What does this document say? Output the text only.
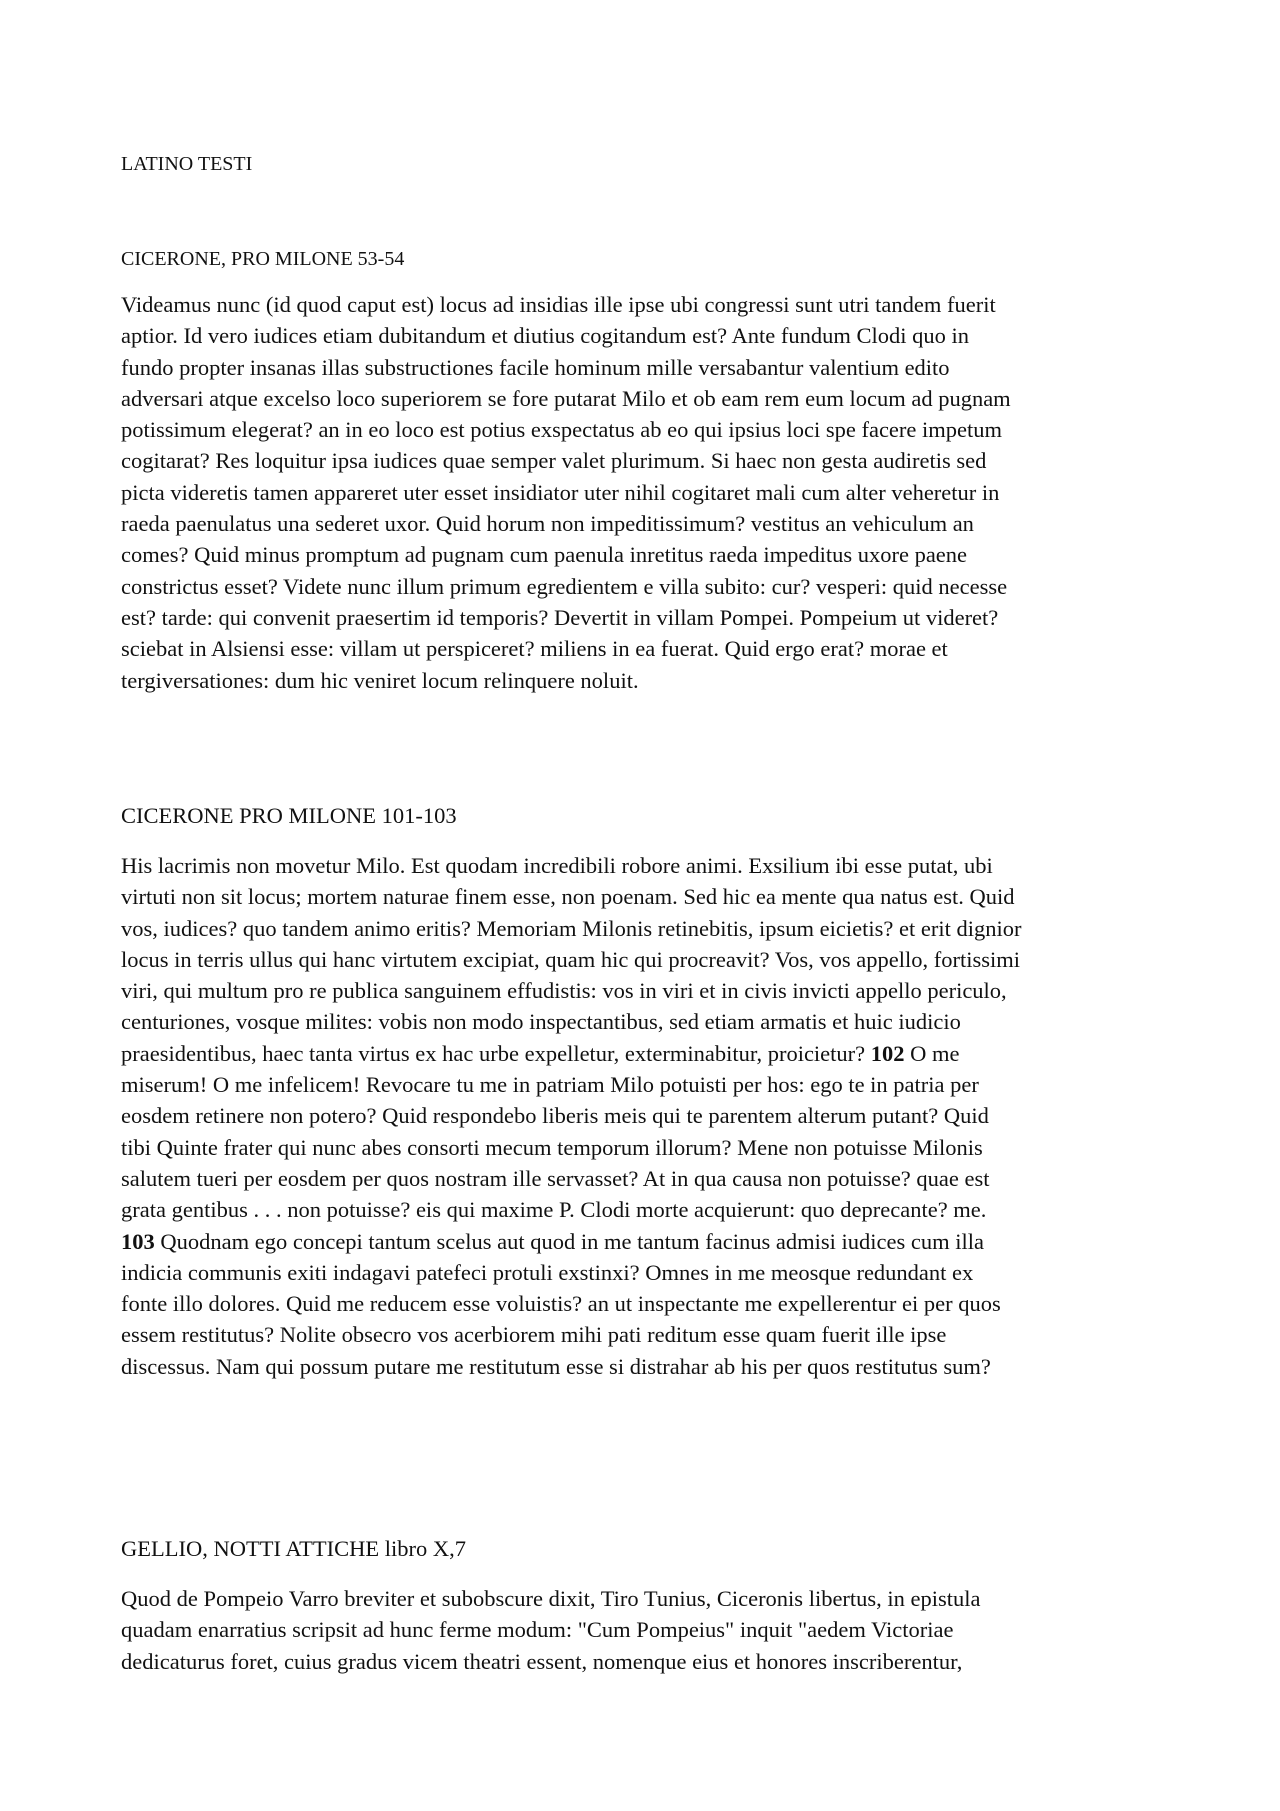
LATINO TESTI
CICERONE, PRO MILONE 53-54
Videamus nunc (id quod caput est) locus ad insidias ille ipse ubi congressi sunt utri tandem fuerit
aptior. Id vero iudices etiam dubitandum et diutius cogitandum est? Ante fundum Clodi quo in
fundo propter insanas illas substructiones facile hominum mille versabantur valentium edito
adversari atque excelso loco superiorem se fore putarat Milo et ob eam rem eum locum ad pugnam
potissimum elegerat? an in eo loco est potius exspectatus ab eo qui ipsius loci spe facere impetum
cogitarat? Res loquitur ipsa iudices quae semper valet plurimum. Si haec non gesta audiretis sed
picta videretis tamen appareret uter esset insidiator uter nihil cogitaret mali cum alter veheretur in
raeda paenulatus una sederet uxor. Quid horum non impeditissimum? vestitus an vehiculum an
comes? Quid minus promptum ad pugnam cum paenula inretitus raeda impeditus uxore paene
constrictus esset? Videte nunc illum primum egredientem e villa subito: cur? vesperi: quid necesse
est? tarde: qui convenit praesertim id temporis? Devertit in villam Pompei. Pompeium ut videret?
sciebat in Alsiensi esse: villam ut perspiceret? miliens in ea fuerat. Quid ergo erat? morae et
tergiversationes: dum hic veniret locum relinquere noluit.
CICERONE PRO MILONE 101-103
His lacrimis non movetur Milo. Est quodam incredibili robore animi. Exsilium ibi esse putat, ubi
virtuti non sit locus; mortem naturae finem esse, non poenam. Sed hic ea mente qua natus est. Quid
vos, iudices? quo tandem animo eritis? Memoriam Milonis retinebitis, ipsum eicietis? et erit dignior
locus in terris ullus qui hanc virtutem excipiat, quam hic qui procreavit? Vos, vos appello, fortissimi
viri, qui multum pro re publica sanguinem effudistis: vos in viri et in civis invicti appello periculo,
centuriones, vosque milites: vobis non modo inspectantibus, sed etiam armatis et huic iudicio
praesidentibus, haec tanta virtus ex hac urbe expelletur, exterminabitur, proicietur? 102 O me
miserum! O me infelicem! Revocare tu me in patriam Milo potuisti per hos: ego te in patria per
eosdem retinere non potero? Quid respondebo liberis meis qui te parentem alterum putant? Quid
tibi Quinte frater qui nunc abes consorti mecum temporum illorum? Mene non potuisse Milonis
salutem tueri per eosdem per quos nostram ille servasset? At in qua causa non potuisse? quae est
grata gentibus . . . non potuisse? eis qui maxime P. Clodi morte acquierunt: quo deprecante? me.
103 Quodnam ego concepi tantum scelus aut quod in me tantum facinus admisi iudices cum illa
indicia communis exiti indagavi patefeci protuli exstinxi? Omnes in me meosque redundant ex
fonte illo dolores. Quid me reducem esse voluistis? an ut inspectante me expellerentur ei per quos
essem restitutus? Nolite obsecro vos acerbiorem mihi pati reditum esse quam fuerit ille ipse
discessus. Nam qui possum putare me restitutum esse si distrahar ab his per quos restitutus sum?
GELLIO, NOTTI ATTICHE libro X,7
Quod de Pompeio Varro breviter et subobscure dixit, Tiro Tunius, Ciceronis libertus, in epistula
quadam enarratius scripsit ad hunc ferme modum: "Cum Pompeius" inquit "aedem Victoriae
dedicaturus foret, cuius gradus vicem theatri essent, nomenque eius et honores inscriberentur,
